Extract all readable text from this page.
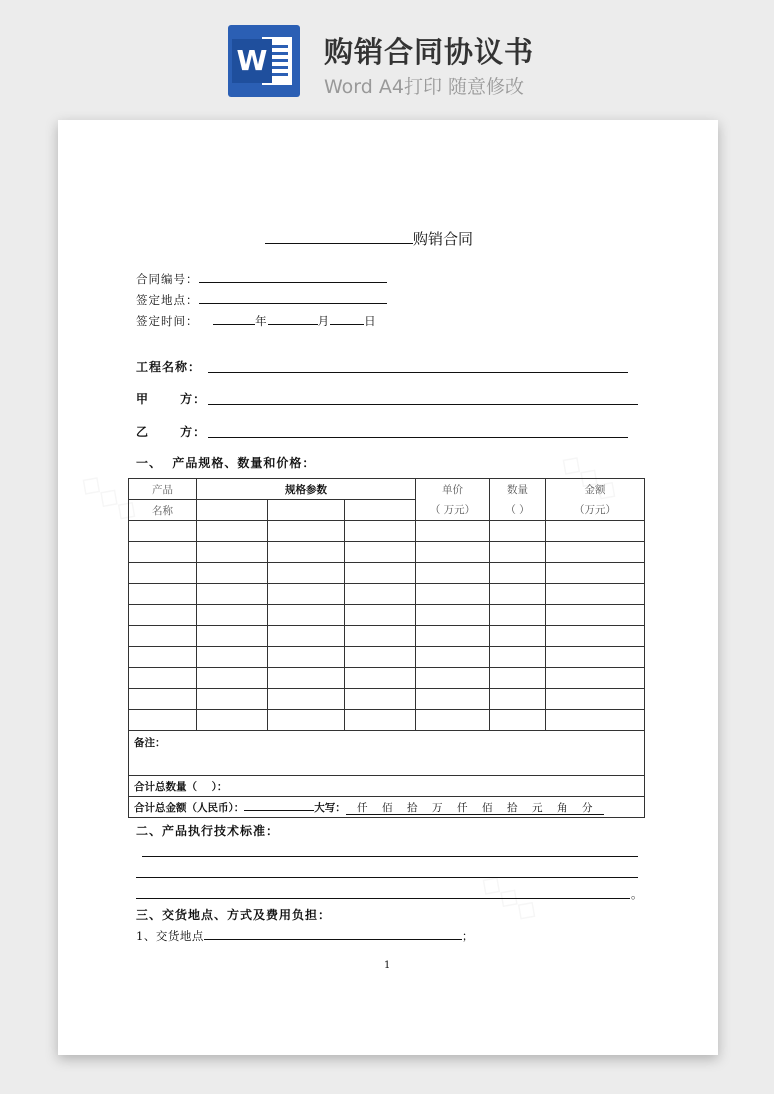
W 购销合同协议书
Word A4打印 随意修改
购销合同
合同编号：
签定地点：
签定时间：	年	月	日
工程名称：
甲      方：
乙      方：
一、  产品规格、数量和价格：
产品	规格参数			单价	数量	金额
名称				（ 万元）	（ ）	（万元）

备注：						
合计总数量（    ）：						
合计总金额（人民币）： 大写： 仟 佰 拾 万 仟 佰 拾 元 角 分						
二、产品执行技术标准：
。
三、交货地点、方式及费用负担：
1、交货地点	；
1
